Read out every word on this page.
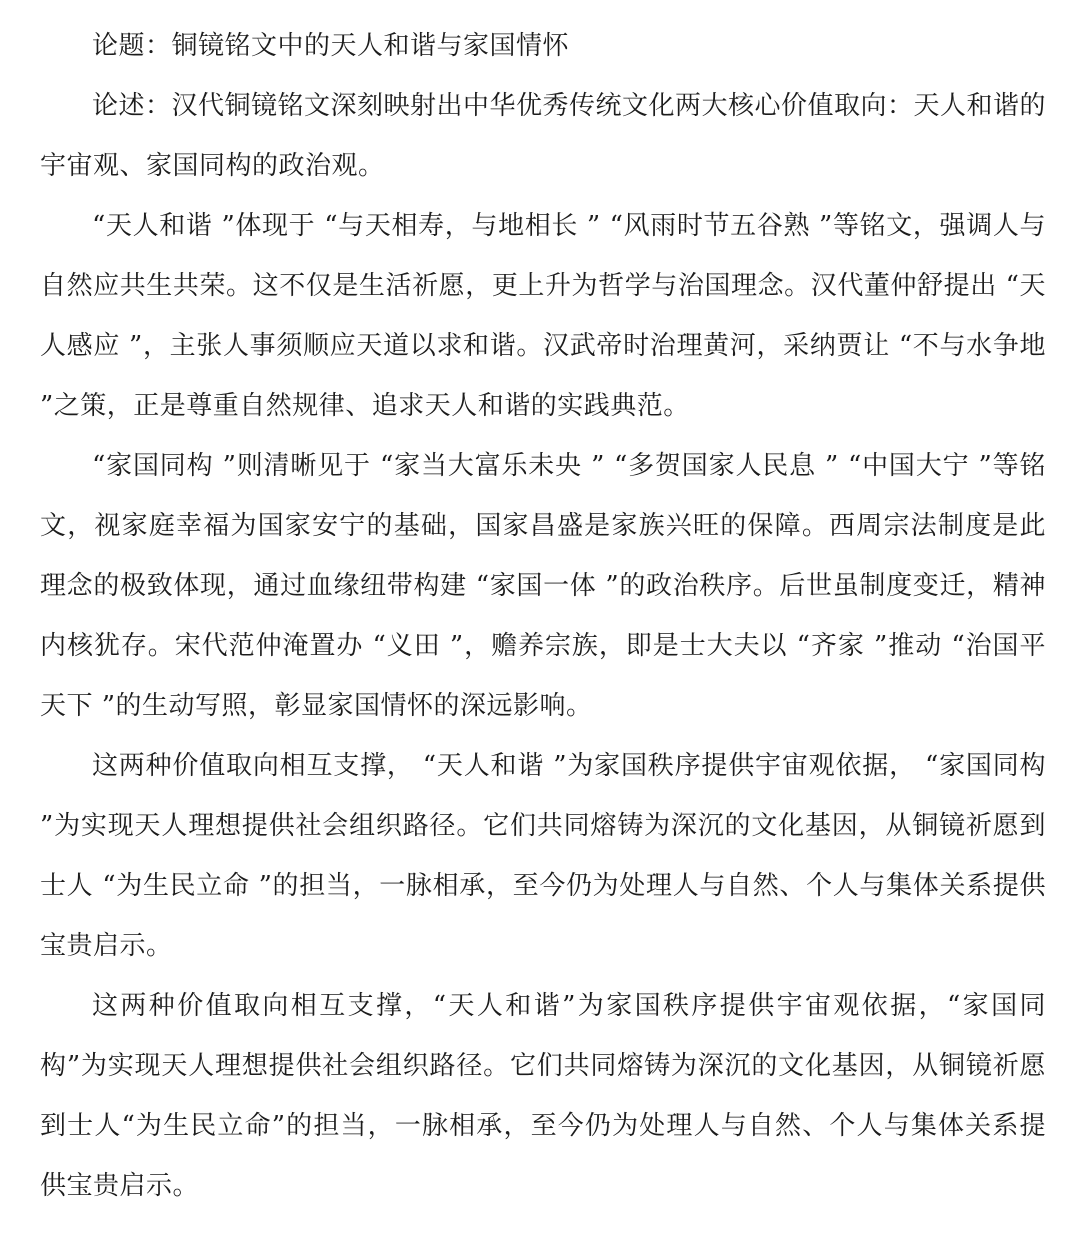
论题：铜镜铭文中的天人和谐与家国情怀

论述：汉代铜镜铭文深刻映射出中华优秀传统文化两大核心价值取向：天人和谐的宇宙观、家国同构的政治观。

“天人和谐 ”体现于 “与天相寿，与地相长 ” “风雨时节五谷熟 ”等铭文，强调人与自然应共生共荣。这不仅是生活祈愿，更上升为哲学与治国理念。汉代董仲舒提出 “天人感应 ”，主张人事须顺应天道以求和谐。汉武帝时治理黄河，采纳贾让 “不与水争地 ”之策，正是尊重自然规律、追求天人和谐的实践典范。

“家国同构 ”则清晰见于 “家当大富乐未央 ” “多贺国家人民息 ” “中国大宁 ”等铭文，视家庭幸福为国家安宁的基础，国家昌盛是家族兴旺的保障。西周宗法制度是此理念的极致体现，通过血缘纽带构建 “家国一体 ”的政治秩序。后世虽制度变迁，精神内核犹存。宋代范仲淹置办 “义田 ”，赡养宗族，即是士大夫以 “齐家 ”推动 “治国平天下 ”的生动写照，彰显家国情怀的深远影响。

这两种价值取向相互支撑， “天人和谐 ”为家国秩序提供宇宙观依据， “家国同构 ”为实现天人理想提供社会组织路径。它们共同熔铸为深沉的文化基因，从铜镜祈愿到士人 “为生民立命 ”的担当，一脉相承，至今仍为处理人与自然、个人与集体关系提供宝贵启示。

这两种价值取向相互支撑，“天人和谐”为家国秩序提供宇宙观依据，“家国同构”为实现天人理想提供社会组织路径。它们共同熔铸为深沉的文化基因，从铜镜祈愿到士人“为生民立命”的担当，一脉相承，至今仍为处理人与自然、个人与集体关系提供宝贵启示。
